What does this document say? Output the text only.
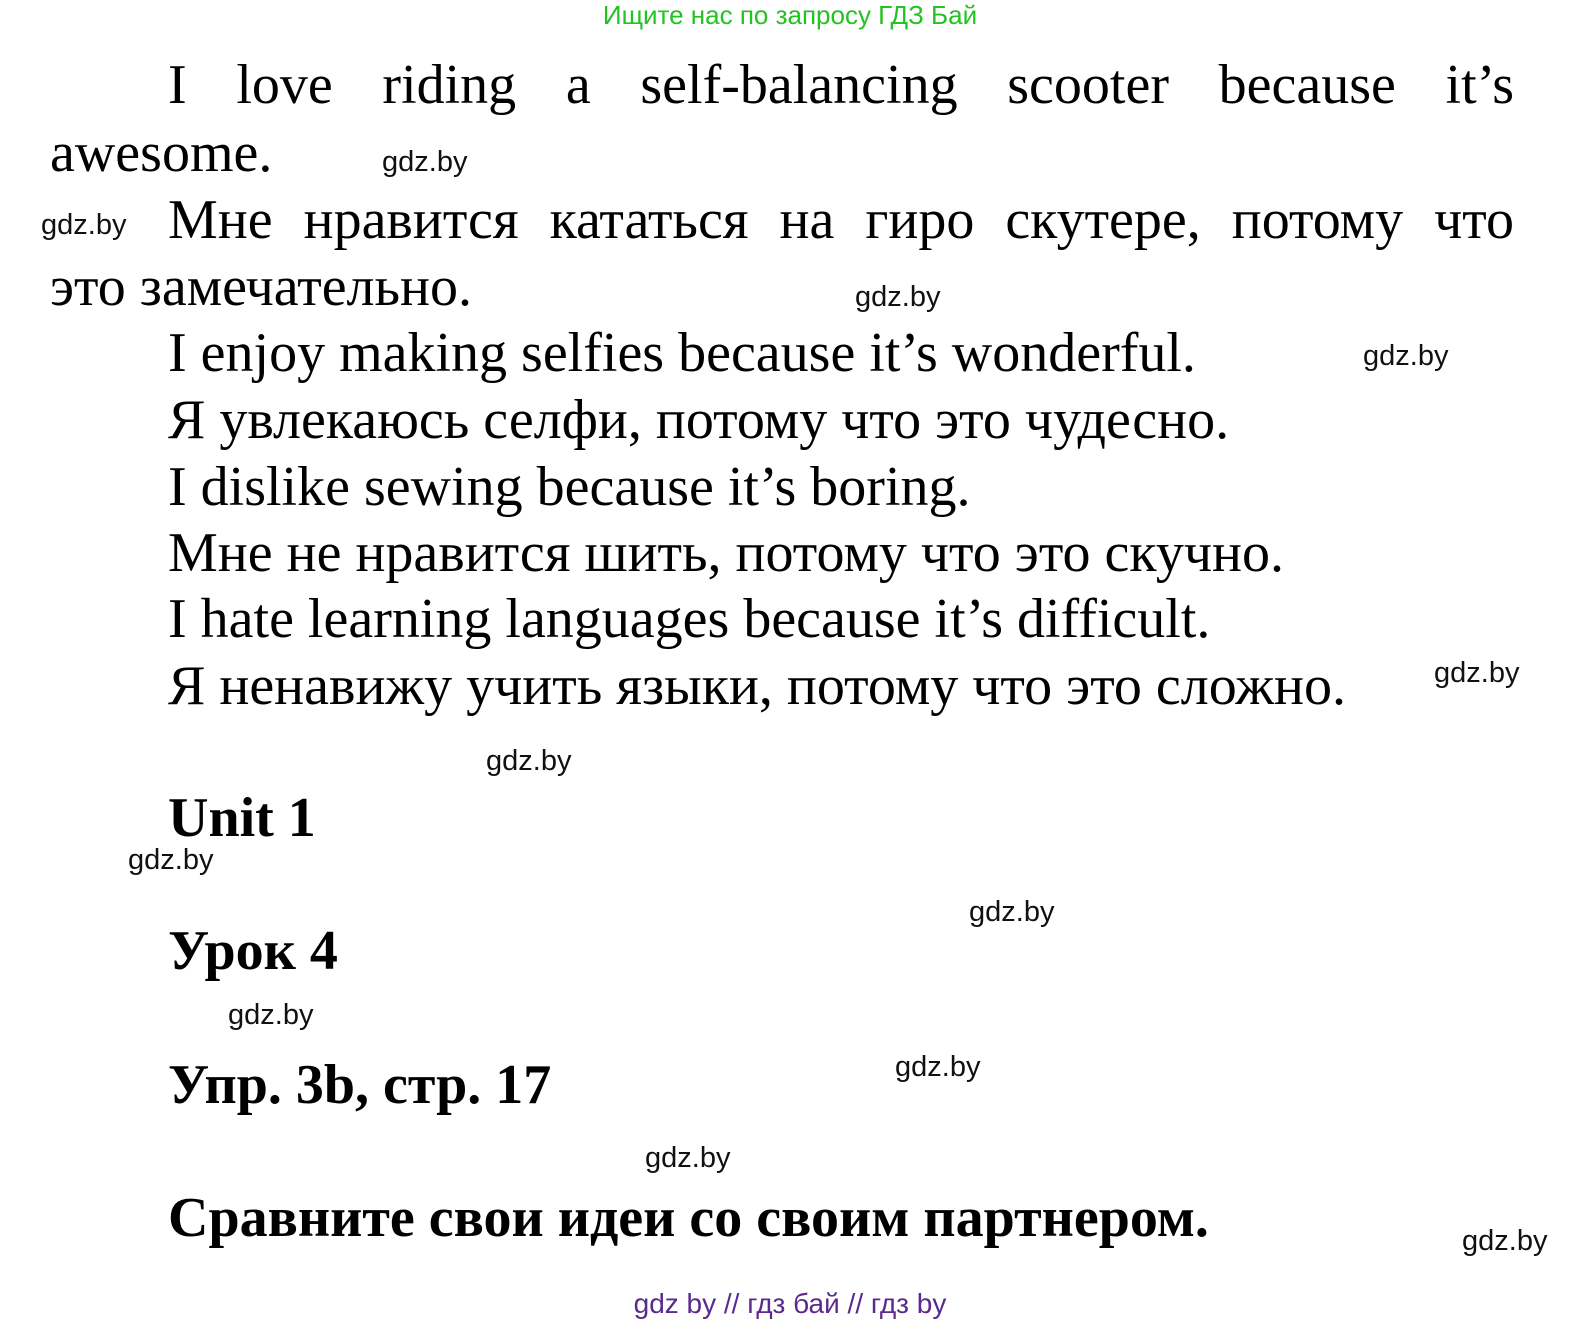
Ищите нас по запросу ГДЗ Бай
I love riding a self-balancing scooter because it’s
awesome.
Мне нравится кататься на гиро скутере, потому что
это замечательно.
I enjoy making selfies because it’s wonderful.
Я увлекаюсь селфи, потому что это чудесно.
I dislike sewing because it’s boring.
Мне не нравится шить, потому что это скучно.
I hate learning languages because it’s difficult.
Я ненавижу учить языки, потому что это сложно.
Unit 1
Урок 4
Упр. 3b, стр. 17
Сравните свои идеи со своим партнером.
gdz.by
gdz.by
gdz.by
gdz.by
gdz.by
gdz.by
gdz.by
gdz.by
gdz.by
gdz.by
gdz.by
gdz.by
gdz by // гдз бай // гдз by
